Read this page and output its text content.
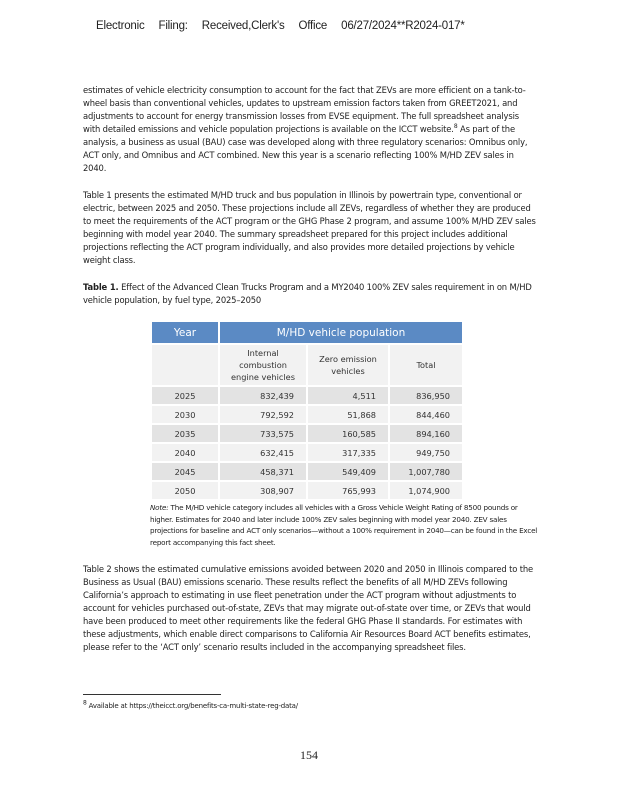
Electronic Filing: Received,Clerk's Office 06/27/2024**R2024-017*
estimates of vehicle electricity consumption to account for the fact that ZEVs are more efficient on a tank-to-wheel basis than conventional vehicles, updates to upstream emission factors taken from GREET2021, and adjustments to account for energy transmission losses from EVSE equipment. The full spreadsheet analysis with detailed emissions and vehicle population projections is available on the ICCT website.$^8$ As part of the analysis, a business as usual (BAU) case was developed along with three regulatory scenarios: Omnibus only, ACT only, and Omnibus and ACT combined. New this year is a scenario reflecting 100% M/HD ZEV sales in 2040.
Table 1 presents the estimated M/HD truck and bus population in Illinois by powertrain type, conventional or electric, between 2025 and 2050. These projections include all ZEVs, regardless of whether they are produced to meet the requirements of the ACT program or the GHG Phase 2 program, and assume 100% M/HD ZEV sales beginning with model year 2040. The summary spreadsheet prepared for this project includes additional projections reflecting the ACT program individually, and also provides more detailed projections by vehicle weight class.
Table 1. Effect of the Advanced Clean Trucks Program and a MY2040 100% ZEV sales requirement in on M/HD vehicle population, by fuel type, 2025–2050
Year	M/HD vehicle population		
	Internal combustion engine vehicles	Zero emission vehicles	Total
2025	832,439	4,511	836,950
2030	792,592	51,868	844,460
2035	733,575	160,585	894,160
2040	632,415	317,335	949,750
2045	458,371	549,409	1,007,780
2050	308,907	765,993	1,074,900
Note: The M/HD vehicle category includes all vehicles with a Gross Vehicle Weight Rating of 8500 pounds or higher. Estimates for 2040 and later include 100% ZEV sales beginning with model year 2040. ZEV sales projections for baseline and ACT only scenarios—without a 100% requirement in 2040—can be found in the Excel report accompanying this fact sheet.
Table 2 shows the estimated cumulative emissions avoided between 2020 and 2050 in Illinois compared to the Business as Usual (BAU) emissions scenario. These results reflect the benefits of all M/HD ZEVs following California’s approach to estimating in use fleet penetration under the ACT program without adjustments to account for vehicles purchased out-of-state, ZEVs that may migrate out-of-state over time, or ZEVs that would have been produced to meet other requirements like the federal GHG Phase II standards. For estimates with these adjustments, which enable direct comparisons to California Air Resources Board ACT benefits estimates, please refer to the ‘ACT only’ scenario results included in the accompanying spreadsheet files.
$^8$ Available at https://theicct.org/benefits-ca-multi-state-reg-data/
154
